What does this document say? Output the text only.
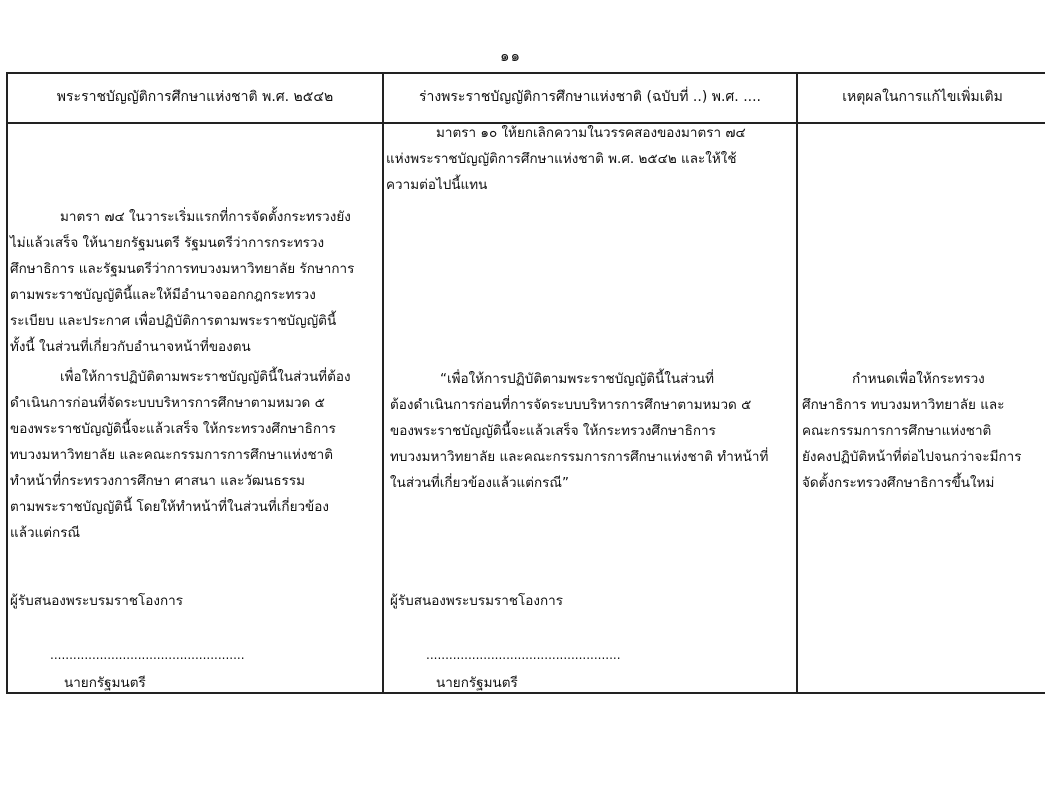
๑๑
พระราชบัญญัติการศึกษาแห่งชาติ พ.ศ. ๒๕๔๒	ร่างพระราชบัญญัติการศึกษาแห่งชาติ (ฉบับที่ ..) พ.ศ. ....	เหตุผลในการแก้ไขเพิ่มเติม
มาตรา ๗๔ ในวาระเริ่มแรกที่การจัดตั้งกระทรวงยัง
ไม่แล้วเสร็จ ให้นายกรัฐมนตรี รัฐมนตรีว่าการกระทรวง
ศึกษาธิการ และรัฐมนตรีว่าการทบวงมหาวิทยาลัย รักษาการ
ตามพระราชบัญญัตินี้และให้มีอำนาจออกกฎกระทรวง
ระเบียบ และประกาศ เพื่อปฏิบัติการตามพระราชบัญญัตินี้
ทั้งนี้ ในส่วนที่เกี่ยวกับอำนาจหน้าที่ของตน
เพื่อให้การปฏิบัติตามพระราชบัญญัตินี้ในส่วนที่ต้อง
ดำเนินการก่อนที่จัดระบบบริหารการศึกษาตามหมวด ๕
ของพระราชบัญญัตินี้จะแล้วเสร็จ ให้กระทรวงศึกษาธิการ
ทบวงมหาวิทยาลัย และคณะกรรมการการศึกษาแห่งชาติ
ทำหน้าที่กระทรวงการศึกษา ศาสนา และวัฒนธรรม
ตามพระราชบัญญัตินี้ โดยให้ทำหน้าที่ในส่วนที่เกี่ยวข้อง
แล้วแต่กรณี
ผู้รับสนองพระบรมราชโองการ
...................................................
นายกรัฐมนตรี
มาตรา ๑๐ ให้ยกเลิกความในวรรคสองของมาตรา ๗๔
แห่งพระราชบัญญัติการศึกษาแห่งชาติ พ.ศ. ๒๕๔๒ และให้ใช้
ความต่อไปนี้แทน
“เพื่อให้การปฏิบัติตามพระราชบัญญัตินี้ในส่วนที่
ต้องดำเนินการก่อนที่การจัดระบบบริหารการศึกษาตามหมวด ๕
ของพระราชบัญญัตินี้จะแล้วเสร็จ ให้กระทรวงศึกษาธิการ
ทบวงมหาวิทยาลัย และคณะกรรมการการศึกษาแห่งชาติ ทำหน้าที่
ในส่วนที่เกี่ยวข้องแล้วแต่กรณี”
ผู้รับสนองพระบรมราชโองการ
...................................................
นายกรัฐมนตรี
กำหนดเพื่อให้กระทรวง
ศึกษาธิการ ทบวงมหาวิทยาลัย และ
คณะกรรมการการศึกษาแห่งชาติ
ยังคงปฏิบัติหน้าที่ต่อไปจนกว่าจะมีการ
จัดตั้งกระทรวงศึกษาธิการขึ้นใหม่
